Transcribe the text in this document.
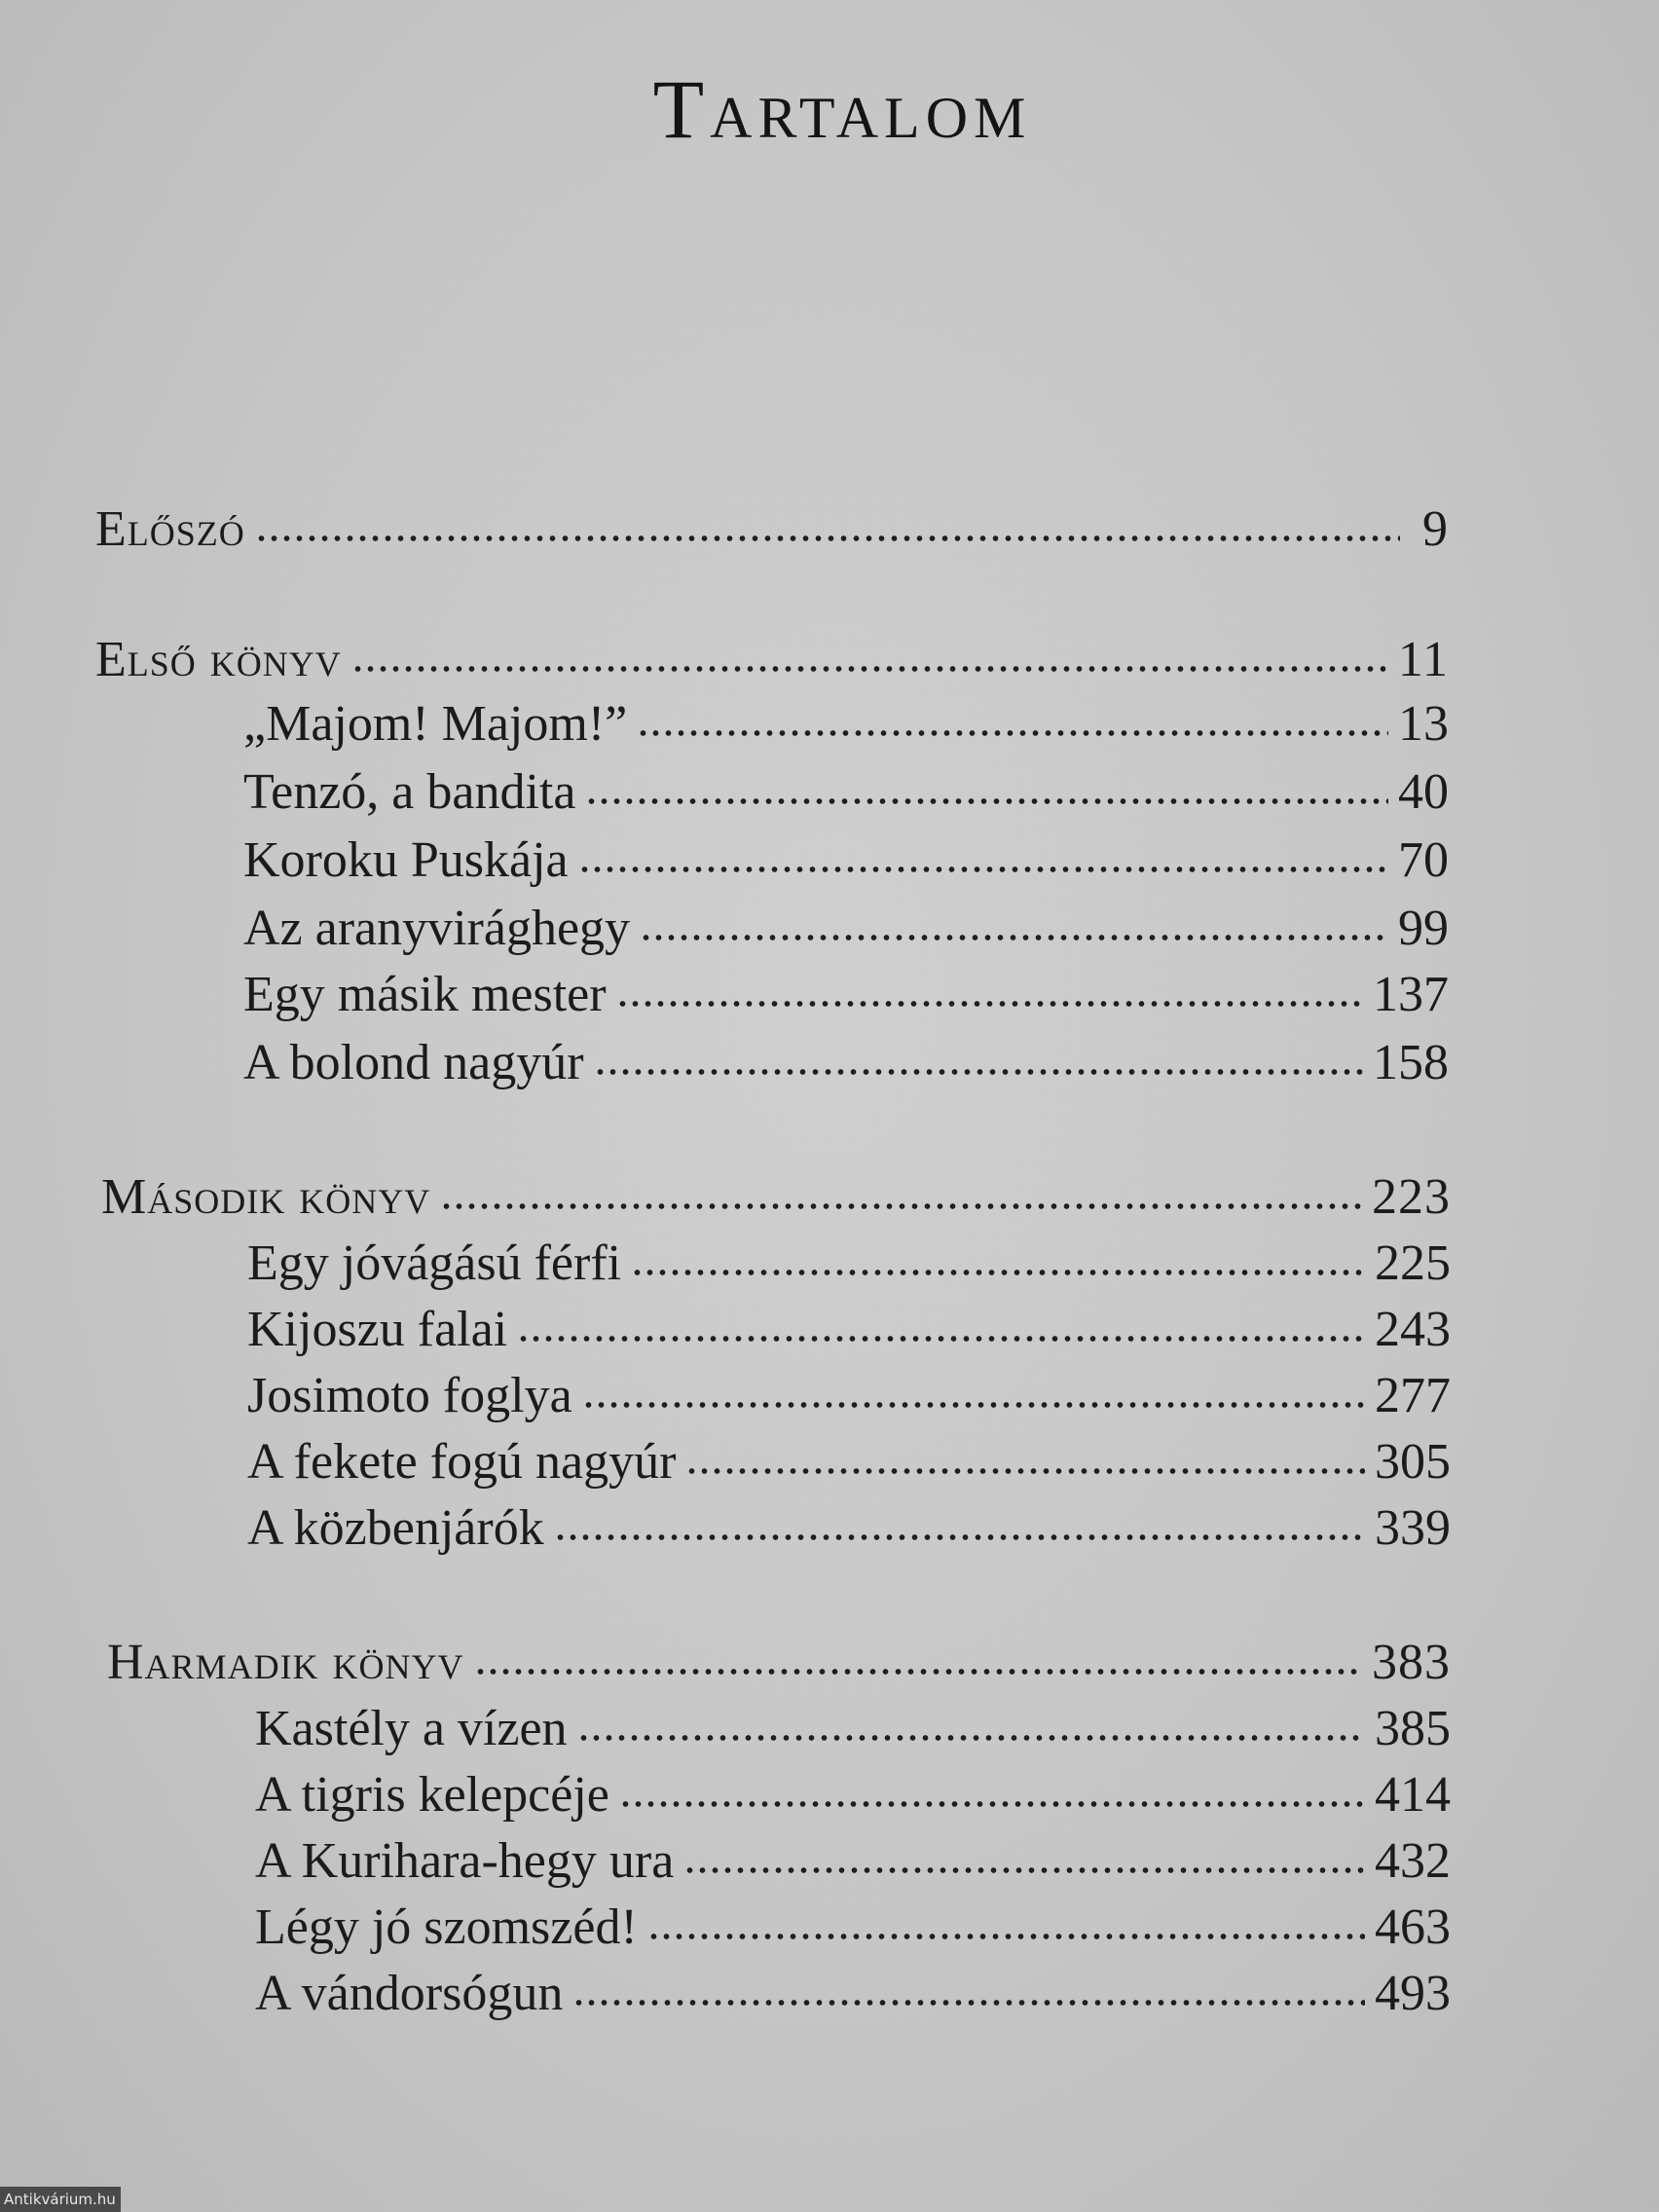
Tartalom
Előszó	9
Első könyv	11
„Majom! Majom!”	13
Tenzó, a bandita	40
Koroku Puskája	70
Az aranyvirághegy	99
Egy másik mester	137
A bolond nagyúr	158
Második könyv	223
Egy jóvágású férfi	225
Kijoszu falai	243
Josimoto foglya	277
A fekete fogú nagyúr	305
A közbenjárók	339
Harmadik könyv	383
Kastély a vízen	385
A tigris kelepcéje	414
A Kurihara-hegy ura	432
Légy jó szomszéd!	463
A vándorsógun	493
Antikvárium.hu
